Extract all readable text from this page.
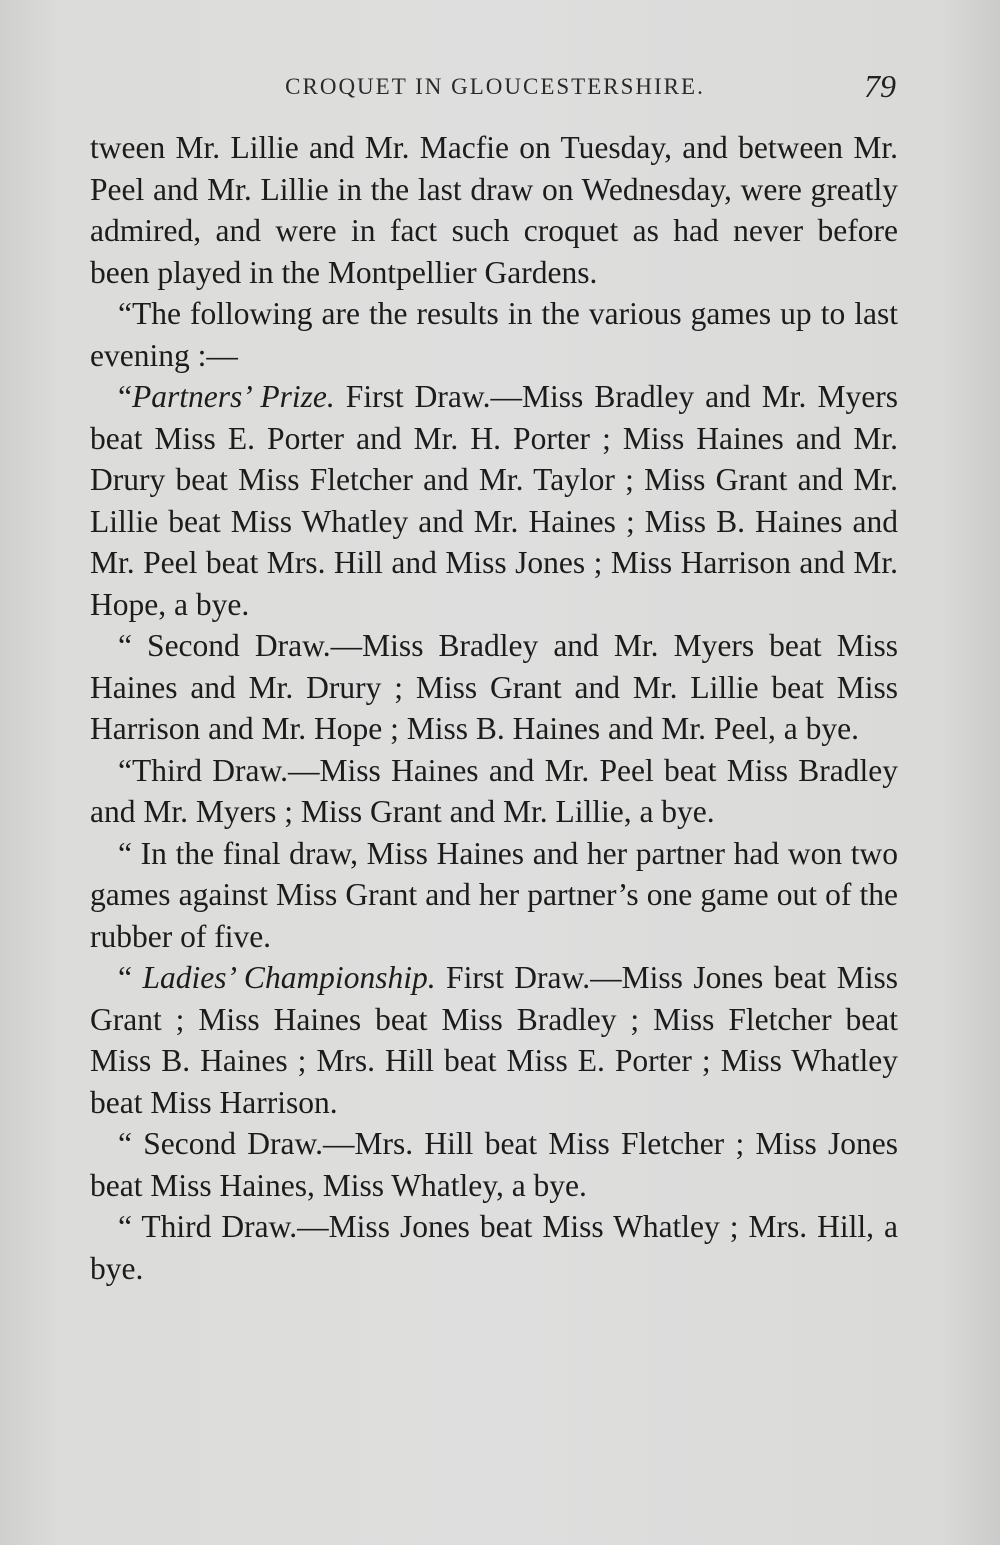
CROQUET IN GLOUCESTERSHIRE.	79

tween Mr. Lillie and Mr. Macfie on Tuesday, and between Mr. Peel and Mr. Lillie in the last draw on Wednesday, were greatly admired, and were in fact such croquet as had never before been played in the Montpellier Gardens.

“The following are the results in the various games up to last evening :—

“Partners’ Prize. First Draw.—Miss Bradley and Mr. Myers beat Miss E. Porter and Mr. H. Porter ; Miss Haines and Mr. Drury beat Miss Fletcher and Mr. Taylor ; Miss Grant and Mr. Lillie beat Miss Whatley and Mr. Haines ; Miss B. Haines and Mr. Peel beat Mrs. Hill and Miss Jones ; Miss Harrison and Mr. Hope, a bye.

“ Second Draw.—Miss Bradley and Mr. Myers beat Miss Haines and Mr. Drury ; Miss Grant and Mr. Lillie beat Miss Harrison and Mr. Hope ; Miss B. Haines and Mr. Peel, a bye.

“Third Draw.—Miss Haines and Mr. Peel beat Miss Bradley and Mr. Myers ; Miss Grant and Mr. Lillie, a bye.

“ In the final draw, Miss Haines and her partner had won two games against Miss Grant and her partner’s one game out of the rubber of five.

“ Ladies’ Championship. First Draw.—Miss Jones beat Miss Grant ; Miss Haines beat Miss Bradley ; Miss Fletcher beat Miss B. Haines ; Mrs. Hill beat Miss E. Porter ; Miss Whatley beat Miss Harrison.

“ Second Draw.—Mrs. Hill beat Miss Fletcher ; Miss Jones beat Miss Haines, Miss Whatley, a bye.

“ Third Draw.—Miss Jones beat Miss Whatley ; Mrs. Hill, a bye.
